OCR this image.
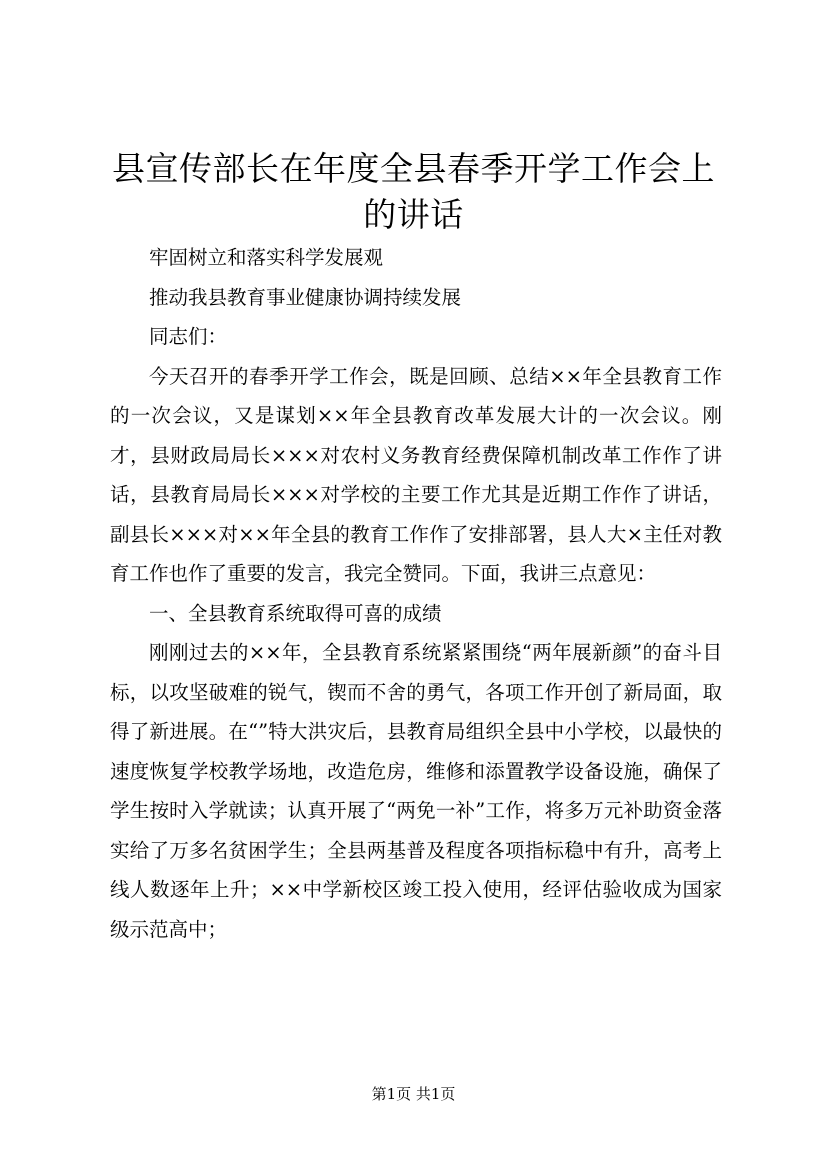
县宣传部长在年度全县春季开学工作会上的讲话

牢固树立和落实科学发展观

推动我县教育事业健康协调持续发展

同志们：

今天召开的春季开学工作会，既是回顾、总结××年全县教育工作的一次会议，又是谋划××年全县教育改革发展大计的一次会议。刚才，县财政局局长×××对农村义务教育经费保障机制改革工作作了讲话，县教育局局长×××对学校的主要工作尤其是近期工作作了讲话，副县长×××对××年全县的教育工作作了安排部署，县人大×主任对教育工作也作了重要的发言，我完全赞同。下面，我讲三点意见：

一、全县教育系统取得可喜的成绩

刚刚过去的××年，全县教育系统紧紧围绕“两年展新颜”的奋斗目标，以攻坚破难的锐气，锲而不舍的勇气，各项工作开创了新局面，取得了新进展。在“”特大洪灾后，县教育局组织全县中小学校，以最快的速度恢复学校教学场地，改造危房，维修和添置教学设备设施，确保了学生按时入学就读；认真开展了“两免一补”工作，将多万元补助资金落实给了万多名贫困学生；全县两基普及程度各项指标稳中有升，高考上线人数逐年上升；××中学新校区竣工投入使用，经评估验收成为国家级示范高中；

第1页 共1页
